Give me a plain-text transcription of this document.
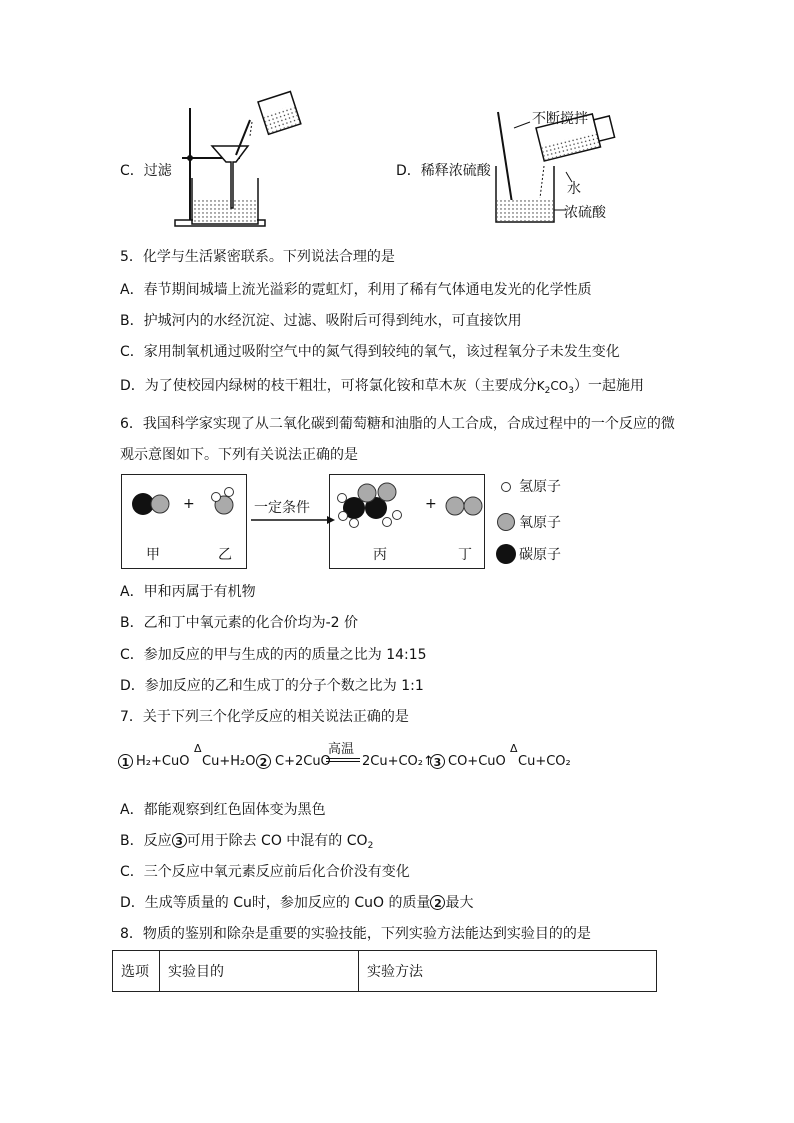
C．过滤	D．稀释浓硫酸
不断搅拌
水
浓硫酸
5．化学与生活紧密联系。下列说法合理的是
A．春节期间城墙上流光溢彩的霓虹灯，利用了稀有气体通电发光的化学性质
B．护城河内的水经沉淀、过滤、吸附后可得到纯水，可直接饮用
C．家用制氧机通过吸附空气中的氮气得到较纯的氧气，该过程氧分子未发生变化
D．为了使校园内绿树的枝干粗壮，可将氯化铵和草木灰（主要成分$K_2CO_3$）一起施用
6．我国科学家实现了从二氧化碳到葡萄糖和油脂的人工合成，合成过程中的一个反应的微
观示意图如下。下列有关说法正确的是
+	+
一定条件
甲	乙	丙	丁
氢原子
氧原子
碳原子
A．甲和丙属于有机物
B．乙和丁中氧元素的化合价均为-2 价
C．参加反应的甲与生成的丙的质量之比为 14:15
D．参加反应的乙和生成丁的分子个数之比为 1:1
7．关于下列三个化学反应的相关说法正确的是
1 H₂+CuO
Δ
Cu+H₂O 2 C+2CuO
高温
2Cu+CO₂↑ 3 CO+CuO
Δ
Cu+CO₂
A．都能观察到红色固体变为黑色
B．反应 3 可用于除去 CO 中混有的 $CO_2$
C．三个反应中氧元素反应前后化合价没有变化
D．生成等质量的 Cu时，参加反应的 CuO 的质量 2 最大
8．物质的鉴别和除杂是重要的实验技能，下列实验方法能达到实验目的的是
选项	实验目的	实验方法
